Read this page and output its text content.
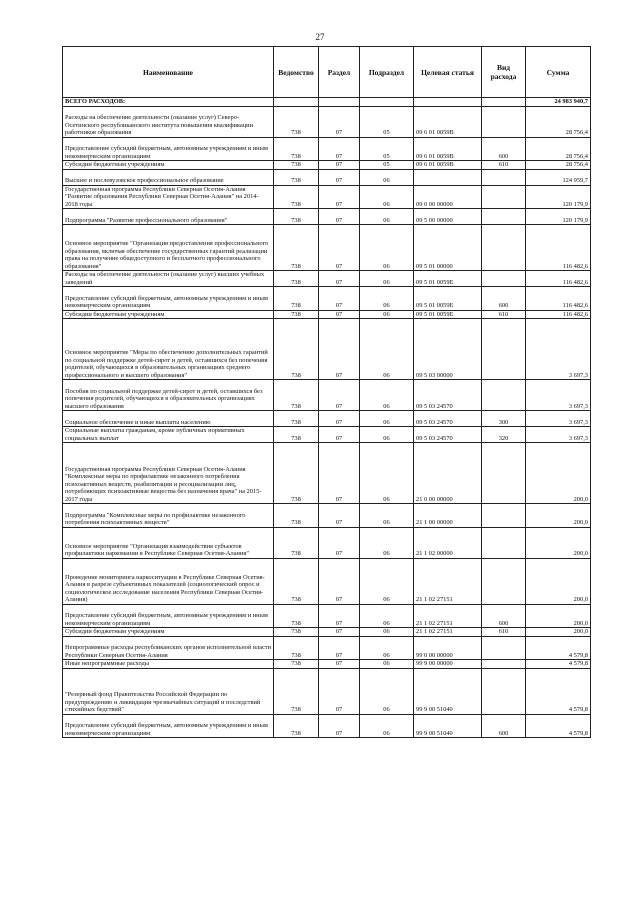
27
Наименование	Ведомство	Раздел	Подраздел	Целевая статья	Вид расхода	Сумма
ВСЕГО РАСХОДОВ:						24 983 940,7
Расходы на обеспечение деятельности (оказание услуг) Северо-Осетинского республиканского института повышения квалификации работников образования	738	07	05	09 6 01 0059В		28 756,4
Предоставление субсидий бюджетным, автономным учреждениям и иным некоммерческим организациям	738	07	05	09 6 01 0059В	600	28 756,4
Субсидии бюджетным учреждениям	738	07	05	09 6 01 0059В	610	28 756,4
Высшее и послевузовское профессиональное образование	738	07	06			124 959,7
Государственная программа Республики Северная Осетия-Алания "Развитие образования Республики Северная Осетия-Алания" на 2014-2018 годы	738	07	06	09 0 00 00000		120 179,9
Подпрограмма "Развитие профессионального образования"	738	07	06	09 5 00 00000		120 179,9
Основное мероприятие "Организация предоставления профессионального образования, включая обеспечение государственных гарантий реализации права на получение общедоступного и бесплатного профессионального образования"	738	07	06	09 5 01 00000		116 482,6
Расходы на обеспечение деятельности (оказание услуг) высших учебных заведений	738	07	06	09 5 01 0059Е		116 482,6
Предоставление субсидий бюджетным, автономным учреждениям и иным некоммерческим организациям	738	07	06	09 5 01 0059Е	600	116 482,6
Субсидии бюджетным учреждениям	738	07	06	09 5 01 0059Е	610	116 482,6
Основное мероприятие "Меры по обеспечению дополнительных гарантий по социальной поддержке детей-сирот и детей, оставшихся без попечения родителей, обучающихся в образовательных организациях среднего профессионального и высшего образования"	738	07	06	09 5 03 00000		3 697,3
Пособия по социальной поддержке детей-сирот и детей, оставшихся без попечения родителей, обучающихся в образовательных организациях высшего образования	738	07	06	09 5 03 24570		3 697,3
Социальное обеспечение и иные выплаты населению	738	07	06	09 5 03 24570	300	3 697,3
Социальные выплаты гражданам, кроме публичных нормативных социальных выплат	738	07	06	09 5 03 24570	320	3 697,3
Государственная программа Республики Северная Осетия-Алания "Комплексные меры по профилактике незаконного потребления психоактивных веществ, реабилитации и ресоциализации лиц, потребляющих психоактивные вещества без назначения врача" на 2015-2017 годы	738	07	06	21 0 00 00000		200,0
Подпрограмма "Комплексные меры по профилактике незаконного потребления психоактивных веществ"	738	07	06	21 1 00 00000		200,0
Основное мероприятие "Организация взаимодействия субъектов профилактики наркомании в Республике Северная Осетия-Алания"	738	07	06	21 1 02 00000		200,0
Проведение мониторинга наркоситуации в Республике Северная Осетия-Алания в разрезе субъективных показателей (социологический опрос и социологическое исследование населения Республики Северная Осетия-Алания)	738	07	06	21 1 02 27151		200,0
Предоставление субсидий бюджетным, автономным учреждениям и иным некоммерческим организациям	738	07	06	21 1 02 27151	600	200,0
Субсидии бюджетным учреждениям	738	07	06	21 1 02 27151	610	200,0
Непрограммные расходы республиканских органов исполнительной власти Республики Северная Осетия-Алания	738	07	06	99 0 00 00000		4 579,8
Иные непрограммные расходы	738	07	06	99 9 00 00000		4 579,8
"Резервный фонд Правительства Российской Федерации по предупреждению и ликвидации чрезвычайных ситуаций и последствий стихийных бедствий"	738	07	06	99 9 00 51040		4 579,8
Предоставление субсидий бюджетным, автономным учреждениям и иным некоммерческим организациям	738	07	06	99 9 00 51040	600	4 579,8
